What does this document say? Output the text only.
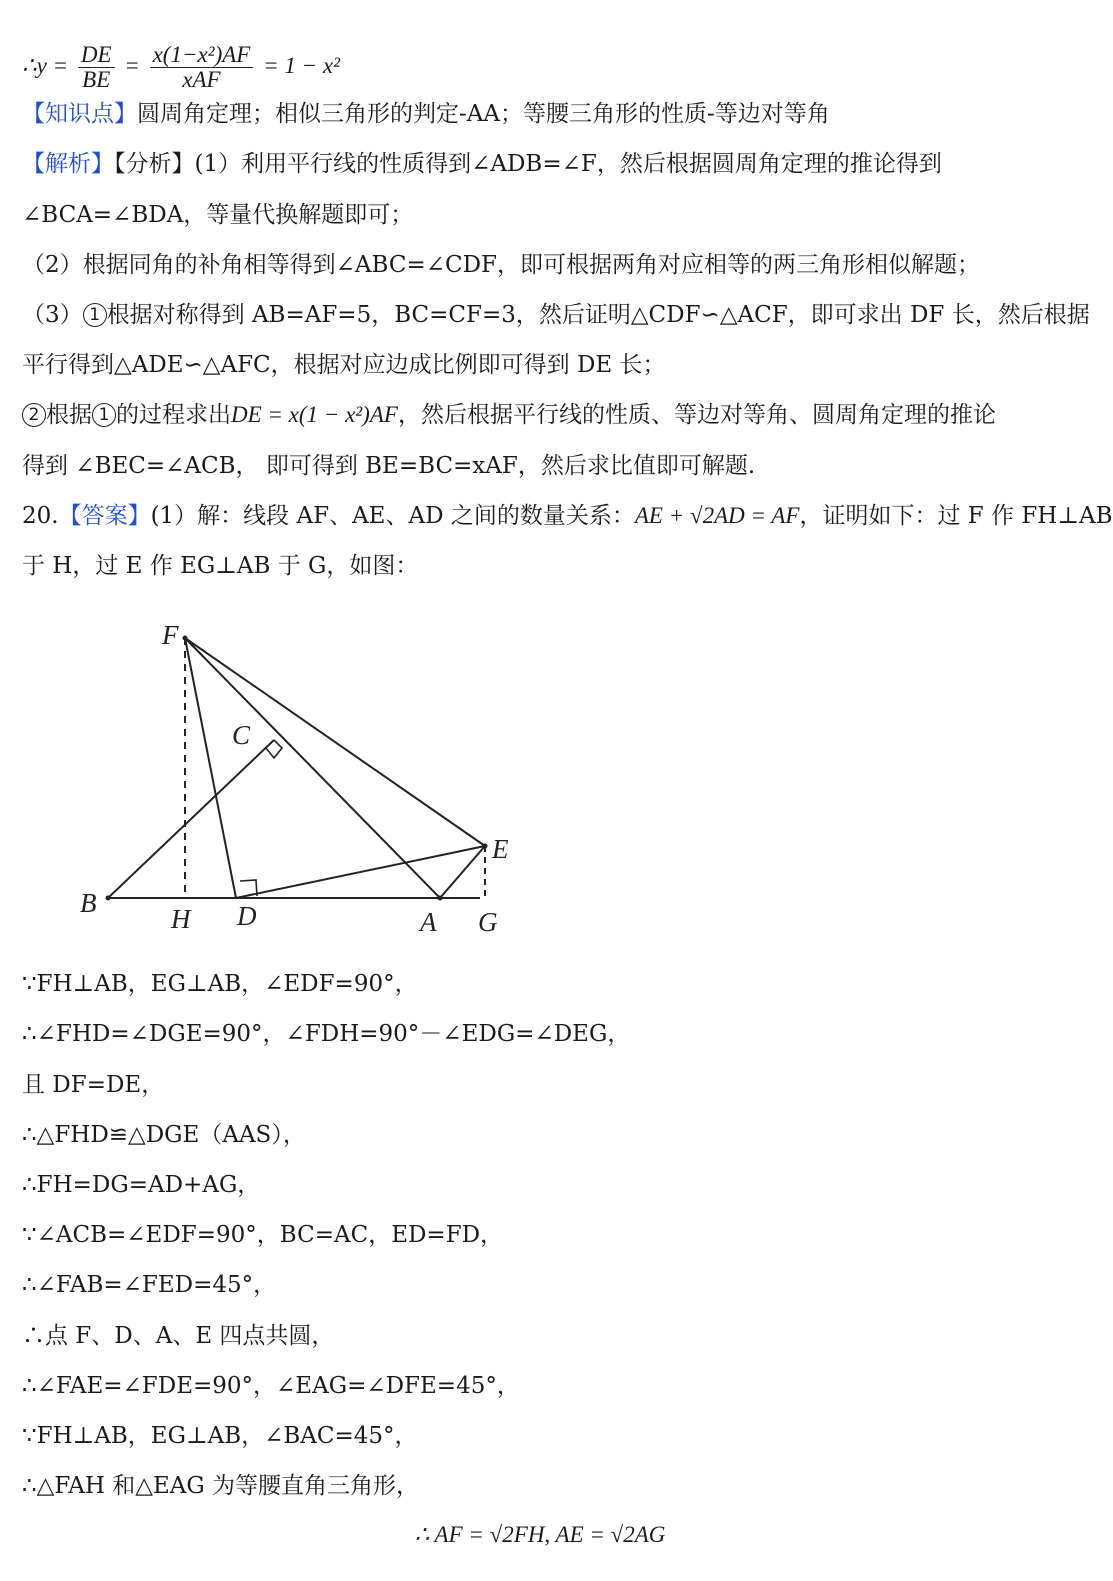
∴y = $\frac{DE}{BE} = \frac{\text{x(1−x²)AF}}{\text{xAF}} = 1 - x^2$
【知识点】圆周角定理；相似三角形的判定-AA；等腰三角形的性质-等边对等角
【解析】【分析】(1）利用平行线的性质得到∠ADB=∠F，然后根据圆周角定理的推论得到
∠BCA=∠BDA，等量代换解题即可；
（2）根据同角的补角相等得到∠ABC=∠CDF，即可根据两角对应相等的两三角形相似解题；
（3） 1 根据对称得到 AB=AF=5，BC=CF=3，然后证明△CDF∽△ACF，即可求出 DF 长，然后根据
平行得到△ADE∽△AFC，根据对应边成比例即可得到 DE 长；
2 根据 1 的过程求出DE = x(1 − x²)AF，然后根据平行线的性质、等边对等角、圆周角定理的推论
得到 ∠BEC=∠ACB， 即可得到 BE=BC=xAF，然后求比值即可解题.
20.【答案】(1）解：线段 AF、AE、AD 之间的数量关系：AE + √2AD = AF，证明如下：过 F 作 FH⊥AB
于 H，过 E 作 EG⊥AB 于 G，如图：
F
C
E
B
H D	A G
∵FH⊥AB，EG⊥AB，∠EDF=90°，
∴∠FHD=∠DGE=90°，∠FDH=90°－∠EDG=∠DEG，
且 DF=DE，
∴△FHD≌△DGE（AAS），
∴FH=DG=AD+AG，
∵∠ACB=∠EDF=90°，BC=AC，ED=FD，
∴∠FAB=∠FED=45°，
∴点 F、D、A、E 四点共圆，
∴∠FAE=∠FDE=90°，∠EAG=∠DFE=45°，
∵FH⊥AB，EG⊥AB，∠BAC=45°，
∴△FAH 和△EAG 为等腰直角三角形，
∴ AF = √2FH, AE = √2AG
